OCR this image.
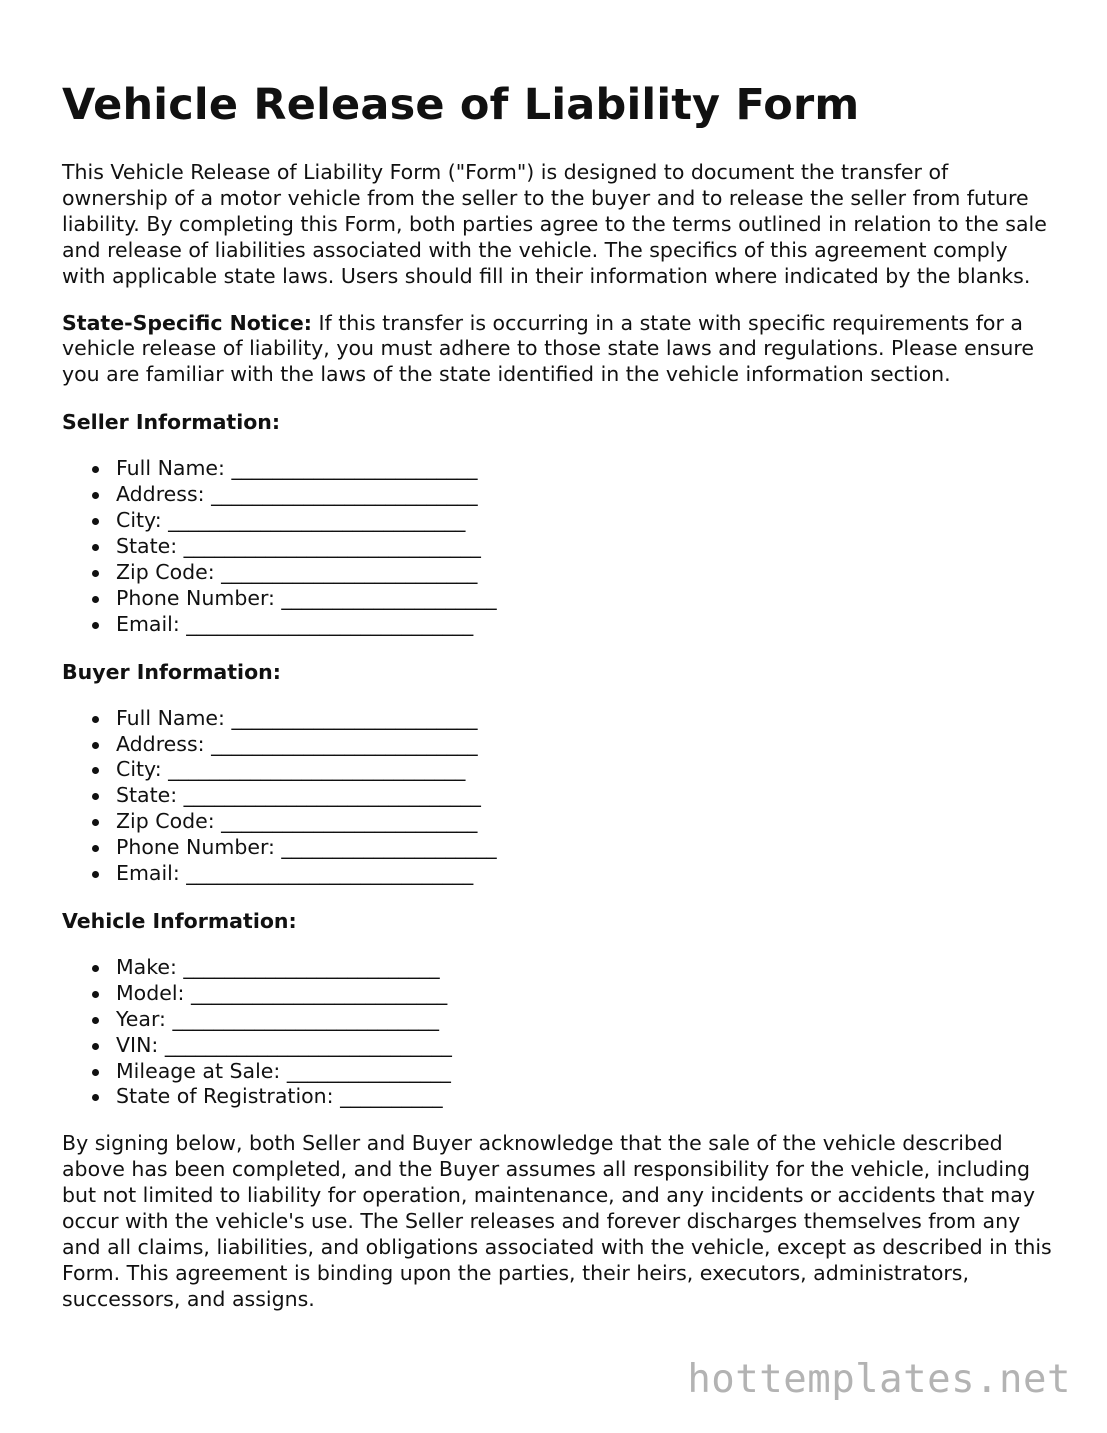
Vehicle Release of Liability Form

This Vehicle Release of Liability Form ("Form") is designed to document the transfer of ownership of a motor vehicle from the seller to the buyer and to release the seller from future liability. By completing this Form, both parties agree to the terms outlined in relation to the sale and release of liabilities associated with the vehicle. The specifics of this agreement comply with applicable state laws. Users should fill in their information where indicated by the blanks.

State-Specific Notice: If this transfer is occurring in a state with specific requirements for a vehicle release of liability, you must adhere to those state laws and regulations. Please ensure you are familiar with the laws of the state identified in the vehicle information section.

Seller Information:
Full Name: ________________________
Address: __________________________
City: _____________________________
State: _____________________________
Zip Code: _________________________
Phone Number: _____________________
Email: ____________________________
Buyer Information:
Full Name: ________________________
Address: __________________________
City: _____________________________
State: _____________________________
Zip Code: _________________________
Phone Number: _____________________
Email: ____________________________
Vehicle Information:
Make: _________________________
Model: _________________________
Year: __________________________
VIN: ____________________________
Mileage at Sale: ________________
State of Registration: __________

By signing below, both Seller and Buyer acknowledge that the sale of the vehicle described above has been completed, and the Buyer assumes all responsibility for the vehicle, including but not limited to liability for operation, maintenance, and any incidents or accidents that may occur with the vehicle's use. The Seller releases and forever discharges themselves from any and all claims, liabilities, and obligations associated with the vehicle, except as described in this Form. This agreement is binding upon the parties, their heirs, executors, administrators, successors, and assigns.

hottemplates.net
